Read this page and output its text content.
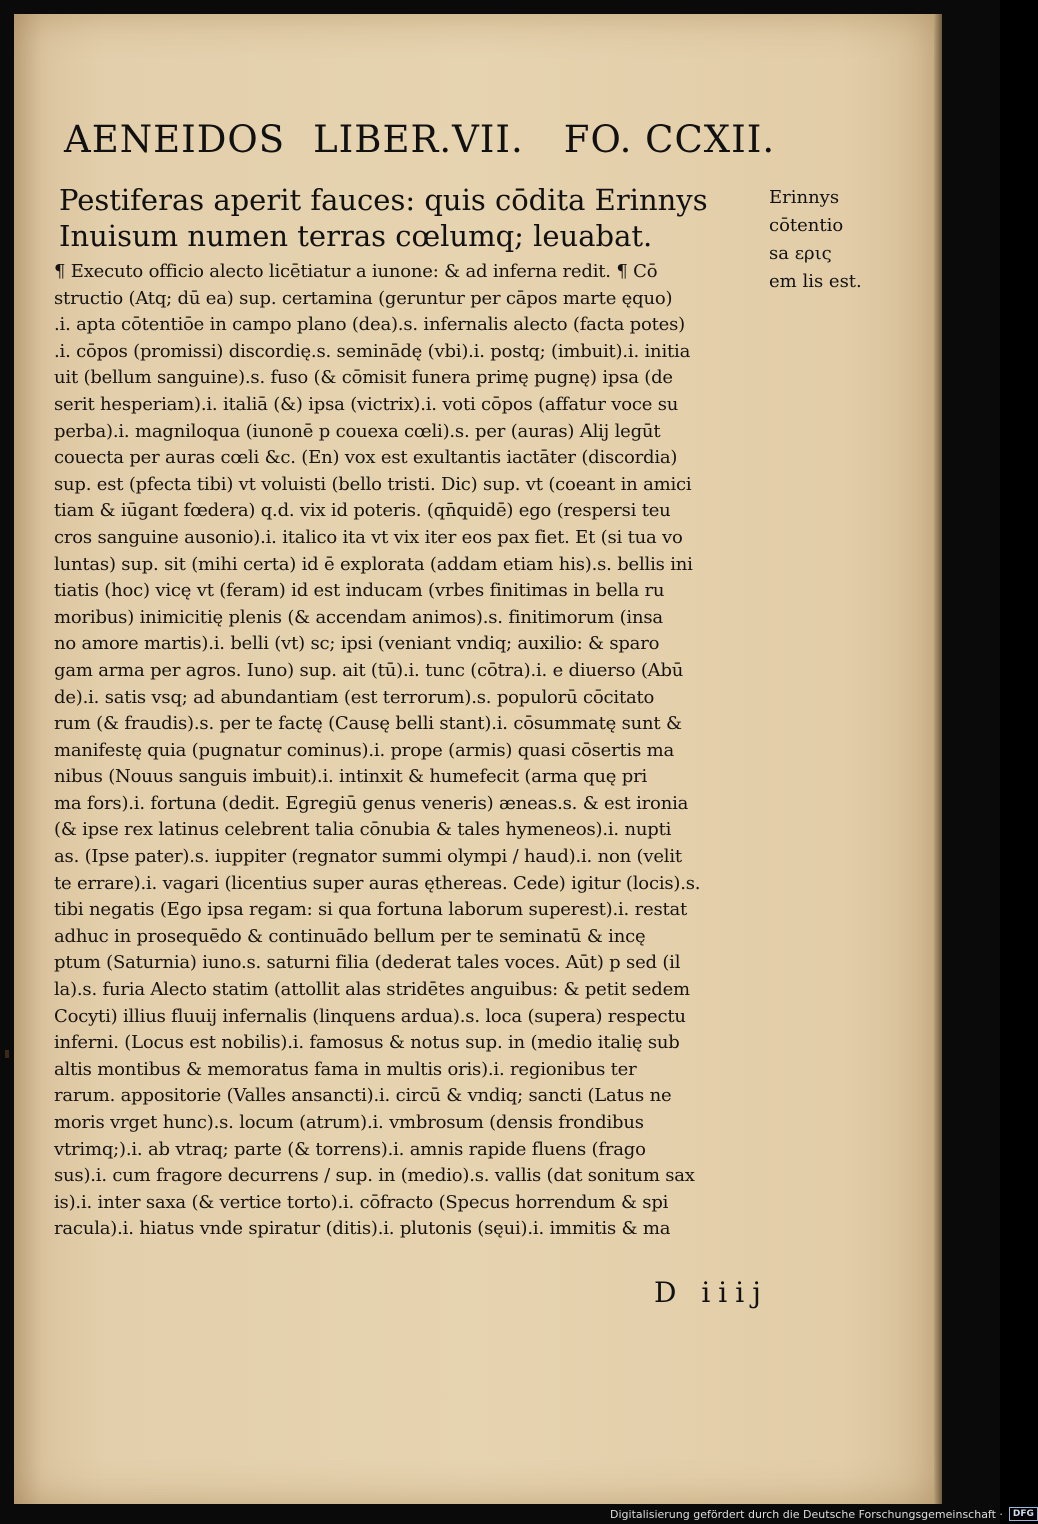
AENEIDOS LIBER.VII. FO. CCXII.
Pestiferas aperit fauces: quis cōdita Erinnys
Inuisum numen terras cœlumq; leuabat.
Erinnys
cōtentio
sa ερις
em lis est.
¶ Executo officio alecto licētiatur a iunone: & ad inferna redit. ¶ Cō
structio (Atq; dū ea) sup. certamina (geruntur per cāpos marte ęquo)
.i. apta cōtentiōe in campo plano (dea).s. infernalis alecto (facta potes)
.i. cōpos (promissi) discordię.s. seminādę (vbi).i. postq; (imbuit).i. initia
uit (bellum sanguine).s. fuso (& cōmisit funera primę pugnę) ipsa (de
serit hesperiam).i. italiā (&) ipsa (victrix).i. voti cōpos (affatur voce su
perba).i. magniloqua (iunonē p couexa cœli).s. per (auras) Alij legūt
couecta per auras cœli &c. (En) vox est exultantis iactāter (discordia)
sup. est (pfecta tibi) vt voluisti (bello tristi. Dic) sup. vt (coeant in amici
tiam & iūgant fœdera) q.d. vix id poteris. (qn̄quidē) ego (respersi teu
cros sanguine ausonio).i. italico ita vt vix iter eos pax fiet. Et (si tua vo
luntas) sup. sit (mihi certa) id ē explorata (addam etiam his).s. bellis ini
tiatis (hoc) vicę vt (feram) id est inducam (vrbes finitimas in bella ru
moribus) inimicitię plenis (& accendam animos).s. finitimorum (insa
no amore martis).i. belli (vt) sc; ipsi (veniant vndiq; auxilio: & sparo
gam arma per agros. Iuno) sup. ait (tū).i. tunc (cōtra).i. e diuerso (Abū
de).i. satis vsq; ad abundantiam (est terrorum).s. populorū cōcitato
rum (& fraudis).s. per te factę (Causę belli stant).i. cōsummatę sunt &
manifestę quia (pugnatur cominus).i. prope (armis) quasi cōsertis ma
nibus (Nouus sanguis imbuit).i. intinxit & humefecit (arma quę pri
ma fors).i. fortuna (dedit. Egregiū genus veneris) æneas.s. & est ironia
(& ipse rex latinus celebrent talia cōnubia & tales hymeneos).i. nupti
as. (Ipse pater).s. iuppiter (regnator summi olympi / haud).i. non (velit
te errare).i. vagari (licentius super auras ęthereas. Cede) igitur (locis).s.
tibi negatis (Ego ipsa regam: si qua fortuna laborum superest).i. restat
adhuc in prosequēdo & continuādo bellum per te seminatū & incę
ptum (Saturnia) iuno.s. saturni filia (dederat tales voces. Aūt) p sed (il
la).s. furia Alecto statim (attollit alas stridētes anguibus: & petit sedem
Cocyti) illius fluuij infernalis (linquens ardua).s. loca (supera) respectu
inferni. (Locus est nobilis).i. famosus & notus sup. in (medio italię sub
altis montibus & memoratus fama in multis oris).i. regionibus ter
rarum. appositorie (Valles ansancti).i. circū & vndiq; sancti (Latus ne
moris vrget hunc).s. locum (atrum).i. vmbrosum (densis frondibus
vtrimq;).i. ab vtraq; parte (& torrens).i. amnis rapide fluens (frago
sus).i. cum fragore decurrens / sup. in (medio).s. vallis (dat sonitum sax
is).i. inter saxa (& vertice torto).i. cōfracto (Specus horrendum & spi
racula).i. hiatus vnde spiratur (ditis).i. plutonis (sęui).i. immitis & ma
D iiij
Digitalisierung gefördert durch die Deutsche Forschungsgemeinschaft ·	DFG
